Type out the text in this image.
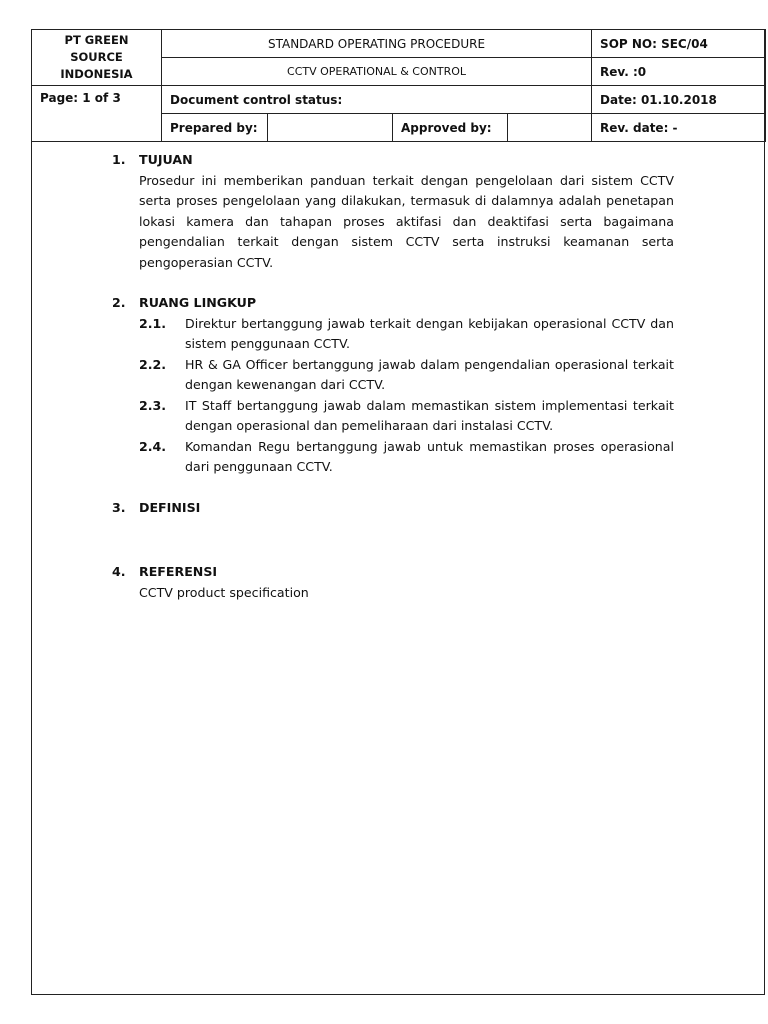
PT GREEN SOURCE INDONESIA	STANDARD OPERATING PROCEDURE				SOP NO: SEC/04
	CCTV OPERATIONAL & CONTROL				Rev. :0
Page: 1 of 3	Document control status:				Date: 01.10.2018
	Prepared by:		Approved by:		Rev. date: -
1. TUJUAN
Prosedur ini memberikan panduan terkait dengan pengelolaan dari sistem CCTV serta proses pengelolaan yang dilakukan, termasuk di dalamnya adalah penetapan lokasi kamera dan tahapan proses aktifasi dan deaktifasi serta bagaimana pengendalian terkait dengan sistem CCTV serta instruksi keamanan serta pengoperasian CCTV.
2. RUANG LINGKUP
2.1. Direktur bertanggung jawab terkait dengan kebijakan operasional CCTV dan sistem penggunaan CCTV.
2.2. HR & GA Officer bertanggung jawab dalam pengendalian operasional terkait dengan kewenangan dari CCTV.
2.3. IT Staff bertanggung jawab dalam memastikan sistem implementasi terkait dengan operasional dan pemeliharaan dari instalasi CCTV.
2.4. Komandan Regu bertanggung jawab untuk memastikan proses operasional dari penggunaan CCTV.
3. DEFINISI
4. REFERENSI
CCTV product specification
